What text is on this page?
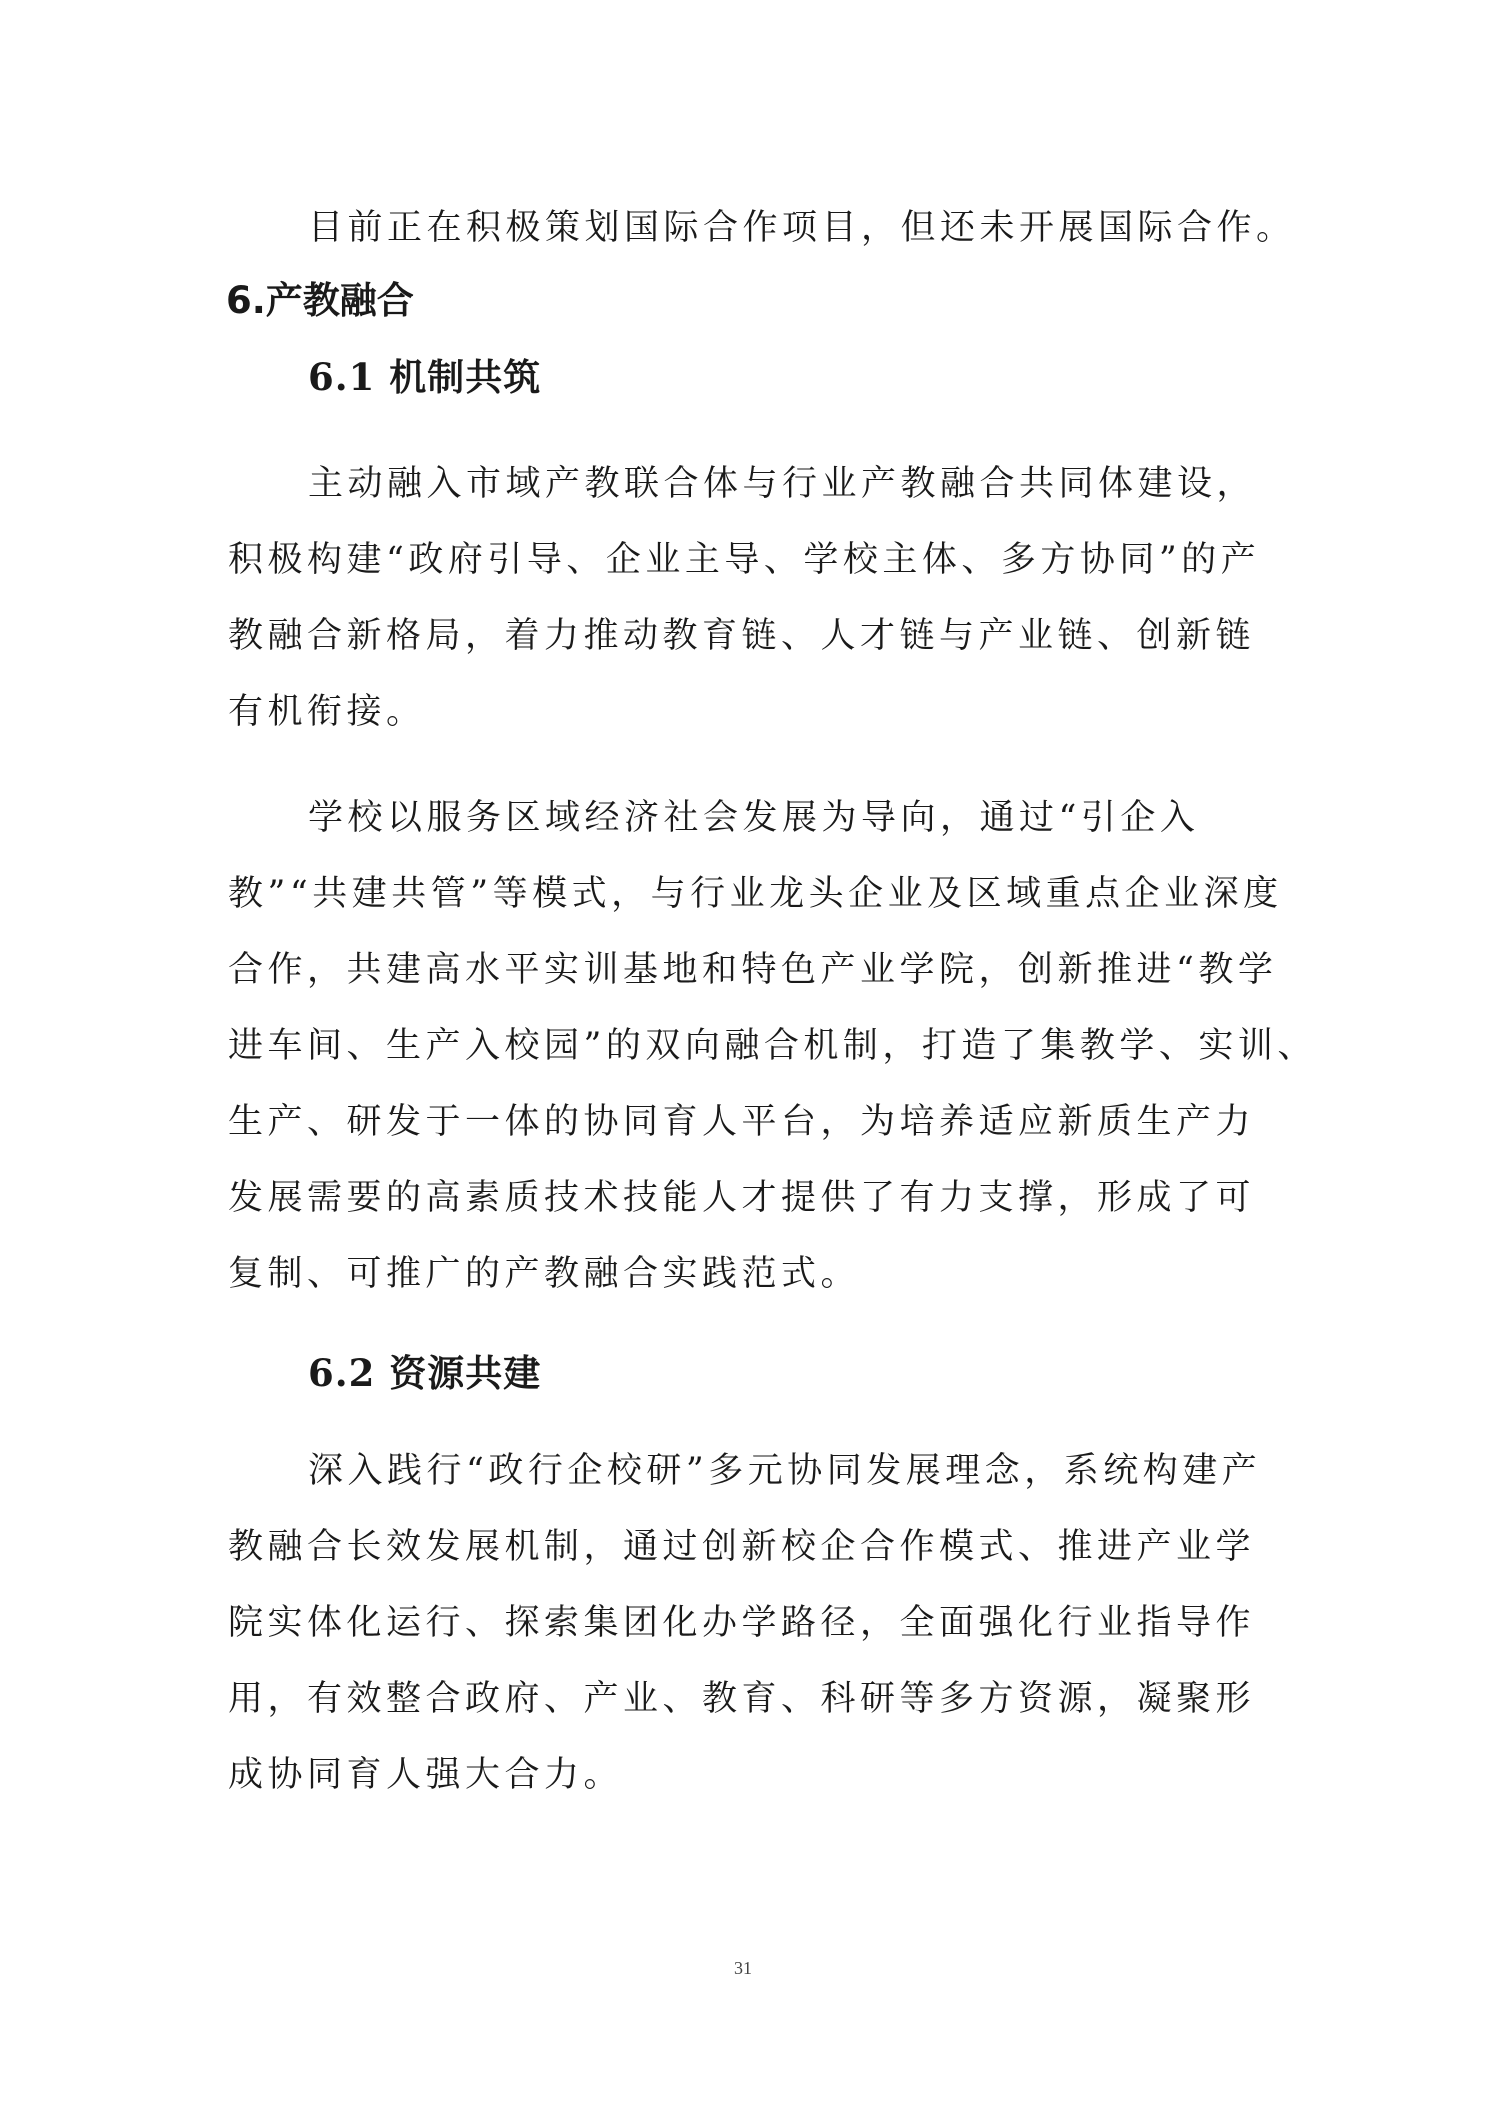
目前正在积极策划国际合作项目，但还未开展国际合作。
6.产教融合
6.1 机制共筑
主动融入市域产教联合体与行业产教融合共同体建设，
积极构建“政府引导、企业主导、学校主体、多方协同”的产
教融合新格局，着力推动教育链、人才链与产业链、创新链
有机衔接。
学校以服务区域经济社会发展为导向，通过“引企入
教”“共建共管”等模式，与行业龙头企业及区域重点企业深度
合作，共建高水平实训基地和特色产业学院，创新推进“教学
进车间、生产入校园”的双向融合机制，打造了集教学、实训、
生产、研发于一体的协同育人平台，为培养适应新质生产力
发展需要的高素质技术技能人才提供了有力支撑，形成了可
复制、可推广的产教融合实践范式。
6.2 资源共建
深入践行“政行企校研”多元协同发展理念，系统构建产
教融合长效发展机制，通过创新校企合作模式、推进产业学
院实体化运行、探索集团化办学路径，全面强化行业指导作
用，有效整合政府、产业、教育、科研等多方资源，凝聚形
成协同育人强大合力。
31
